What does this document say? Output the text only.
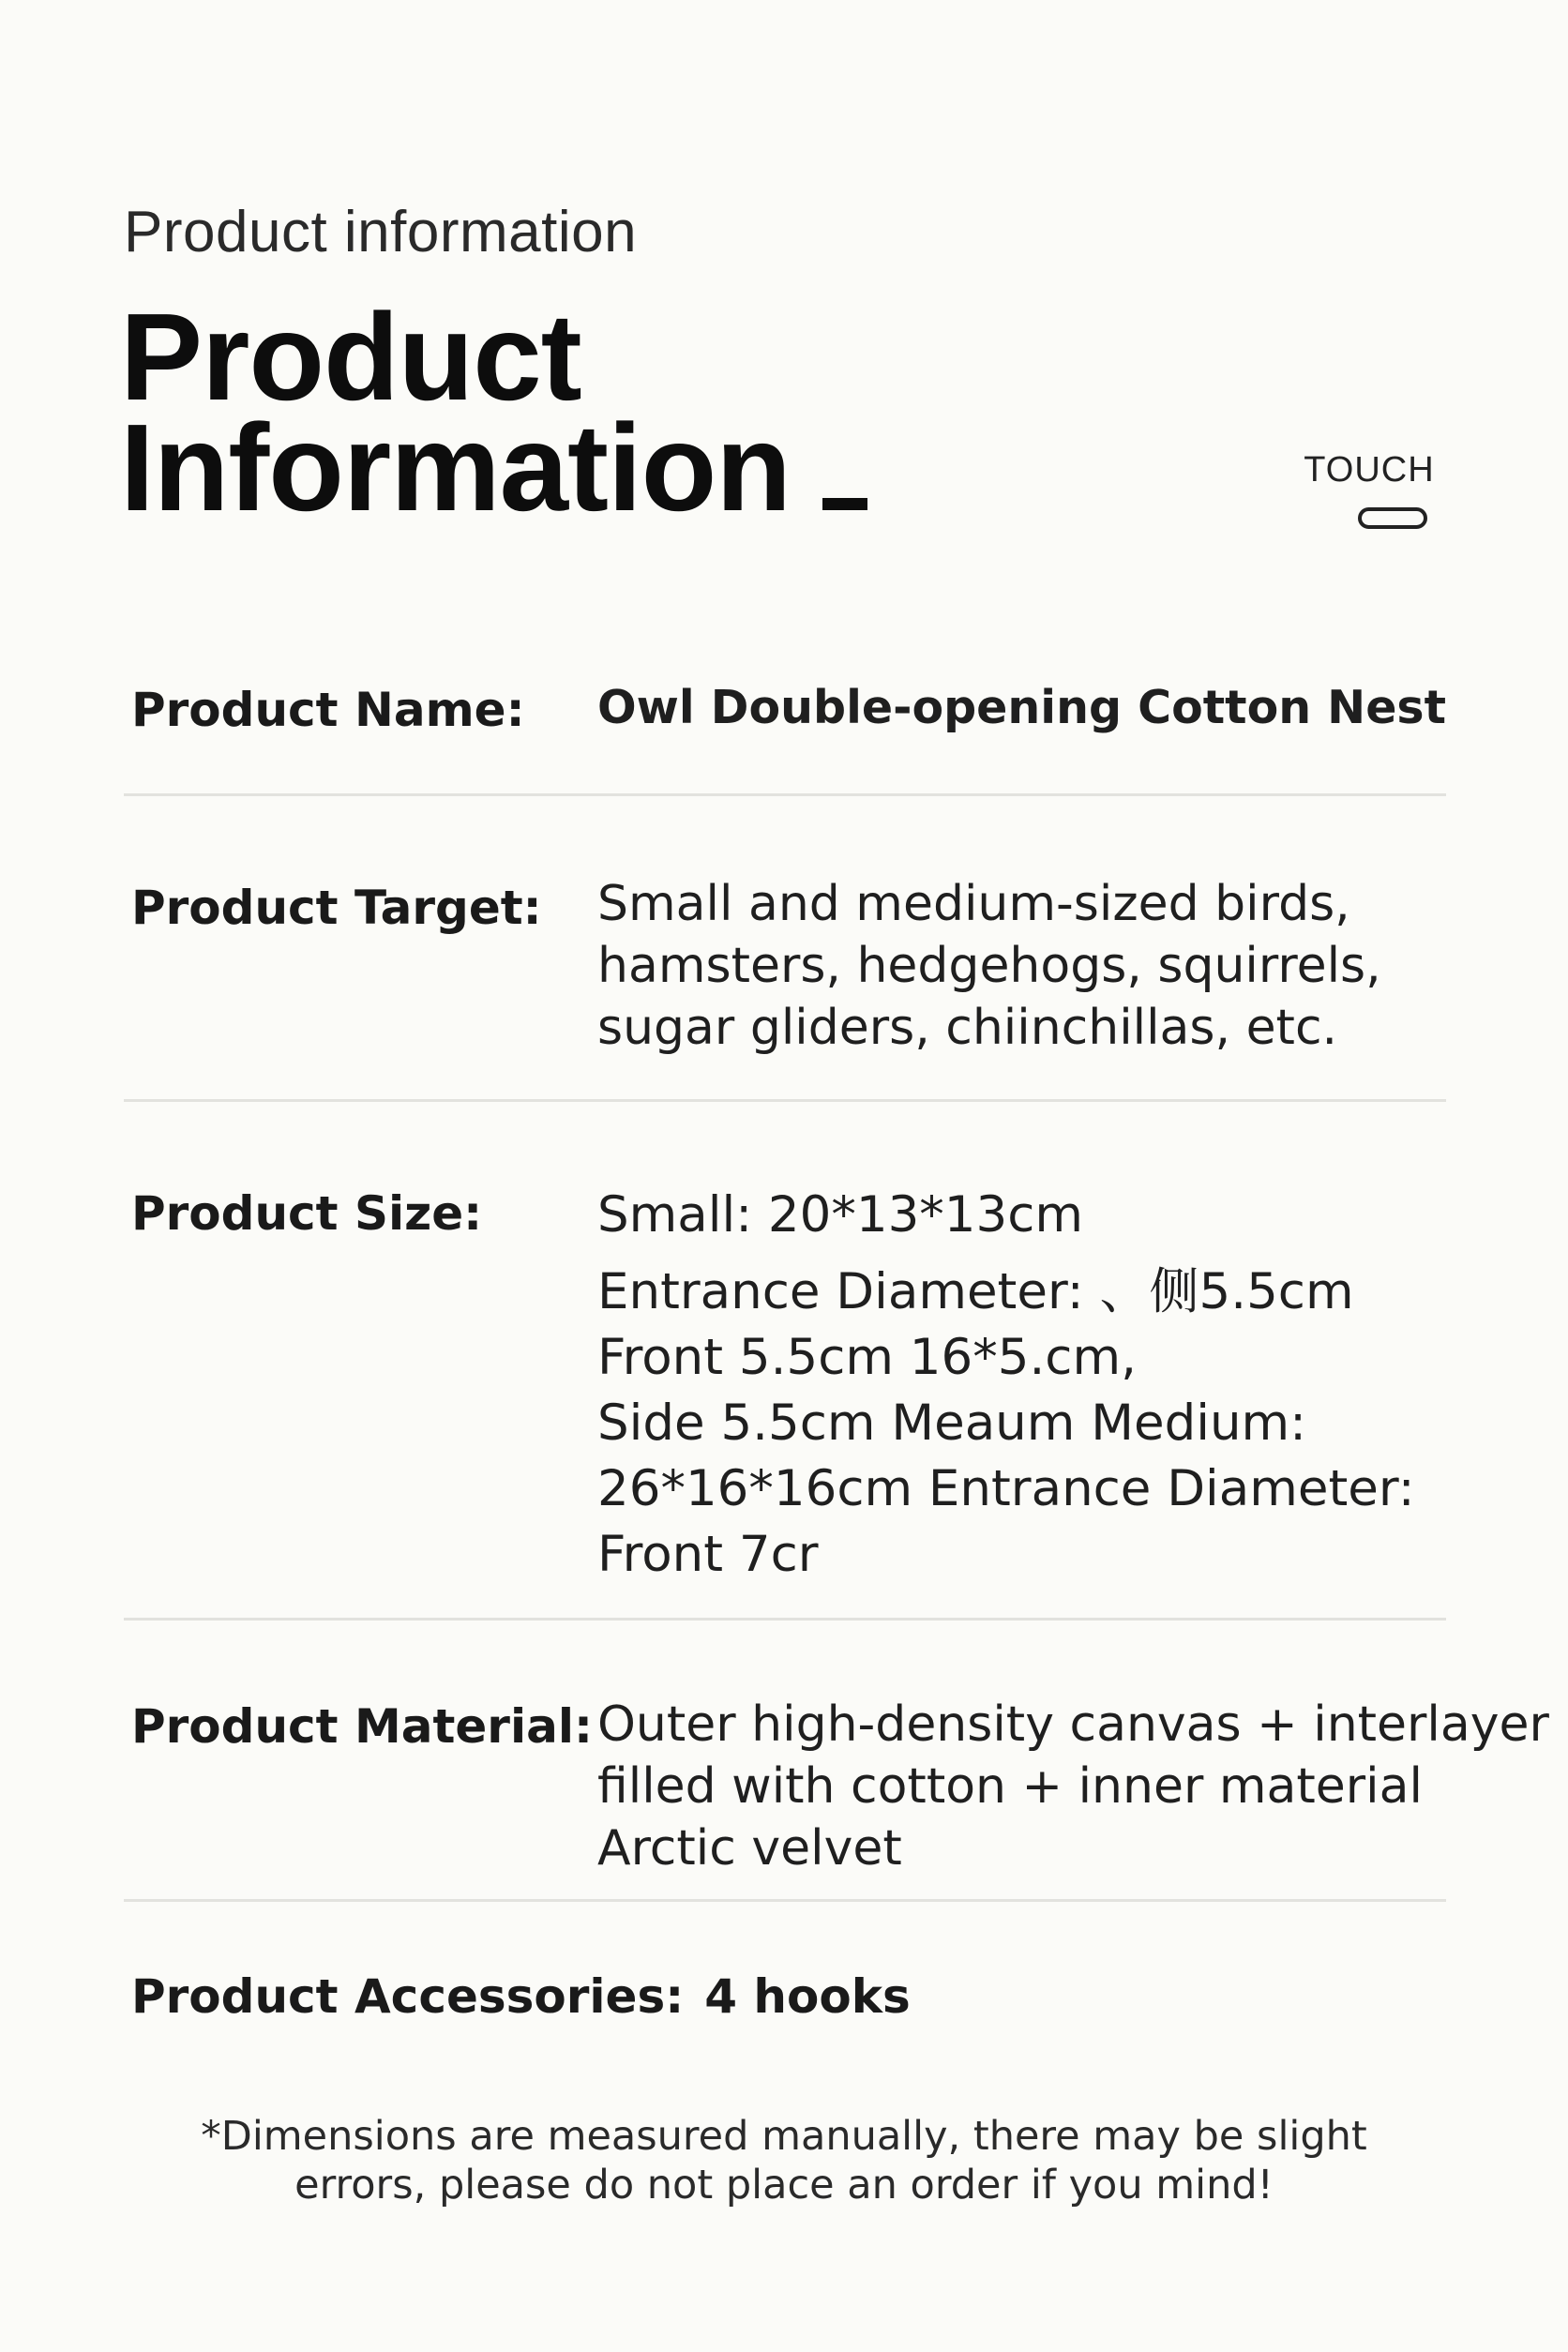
Product information
Product
Information	TOUCH
Product Name: Owl Double-opening Cotton Nest
Product Target: Small and medium-sized birds,
hamsters, hedgehogs, squirrels,
sugar gliders, chiinchillas, etc.
Product Size: Small: 20*13*13cm
Entrance Diameter: 、侧5.5cm
Front 5.5cm 16*5.cm,
Side 5.5cm Meaum Medium:
26*16*16cm Entrance Diameter:
Front 7cr
Product Material: Outer high-density canvas + interlayer
filled with cotton + inner material
Arctic velvet
Product Accessories: 4 hooks
*Dimensions are measured manually, there may be slight
errors, please do not place an order if you mind!
